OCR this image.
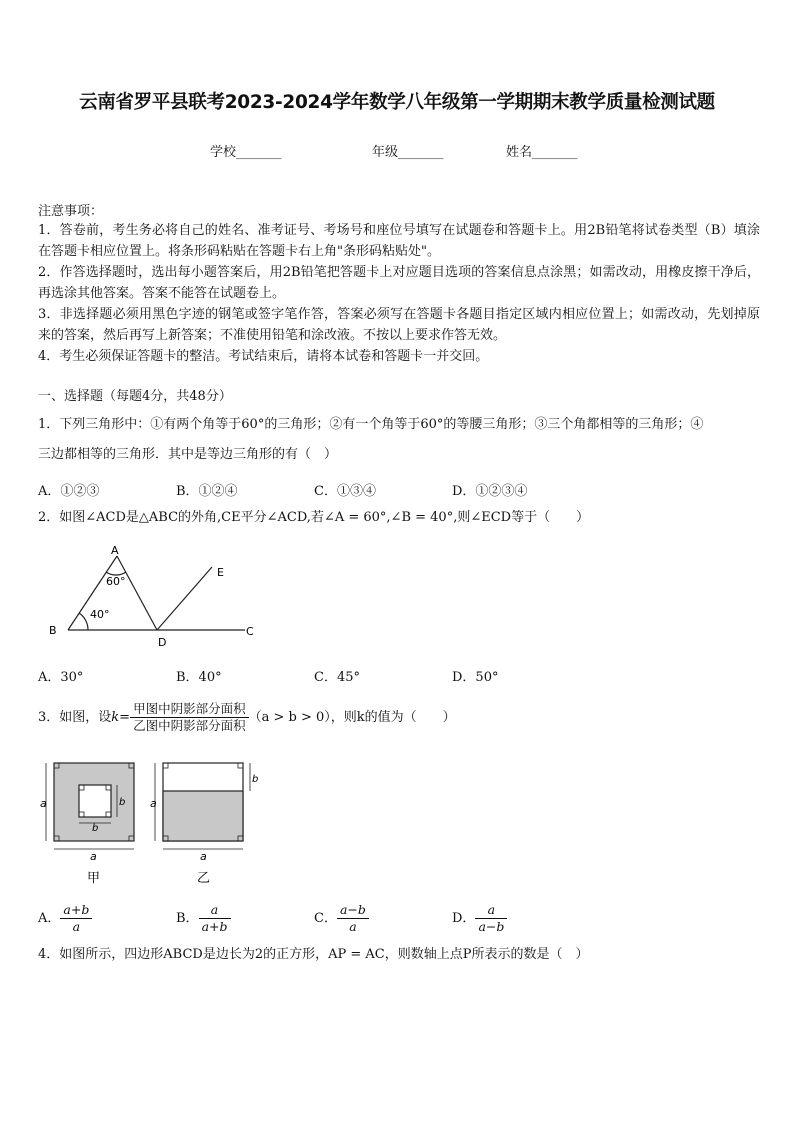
云南省罗平县联考2023-2024学年数学八年级第一学期期末教学质量检测试题
学校_______	年级_______	姓名_______
注意事项：
1．答卷前，考生务必将自己的姓名、准考证号、考场号和座位号填写在试题卷和答题卡上。用2B铅笔将试卷类型（B）填涂在答题卡相应位置上。将条形码粘贴在答题卡右上角"条形码粘贴处"。
2．作答选择题时，选出每小题答案后，用2B铅笔把答题卡上对应题目选项的答案信息点涂黑；如需改动，用橡皮擦干净后，再选涂其他答案。答案不能答在试题卷上。
3．非选择题必须用黑色字迹的钢笔或签字笔作答，答案必须写在答题卡各题目指定区域内相应位置上；如需改动，先划掉原来的答案，然后再写上新答案；不准使用铅笔和涂改液。不按以上要求作答无效。
4．考生必须保证答题卡的整洁。考试结束后，请将本试卷和答题卡一并交回。
一、选择题（每题4分，共48分）
1．下列三角形中：①有两个角等于60°的三角形；②有一个角等于60°的等腰三角形；③三个角都相等的三角形；④
三边都相等的三角形．其中是等边三角形的有（　）
A．①②③	B．①②④	C．①③④	D．①②③④
2．如图∠ACD是△ABC的外角,CE平分∠ACD,若∠A = 60°,∠B = 40°,则∠ECD等于（　　）
A
B	C
D
E
60°
40°
A．30°	B．40°	C．45°	D．50°
3．如图，设$k= \frac{\text{甲图中阴影部分面积}}{\text{乙图中阴影部分面积}} (a > b > 0)$，则k的值为（　　）
a
a
b
b
甲
a
a
b
乙
A． $\frac{a+b}{a}$	B． $\frac{a}{a+b}$	C． $\frac{a-b}{a}$	D． $\frac{a}{a-b}$
4．如图所示，四边形ABCD是边长为2的正方形，AP = AC，则数轴上点P所表示的数是（　）
